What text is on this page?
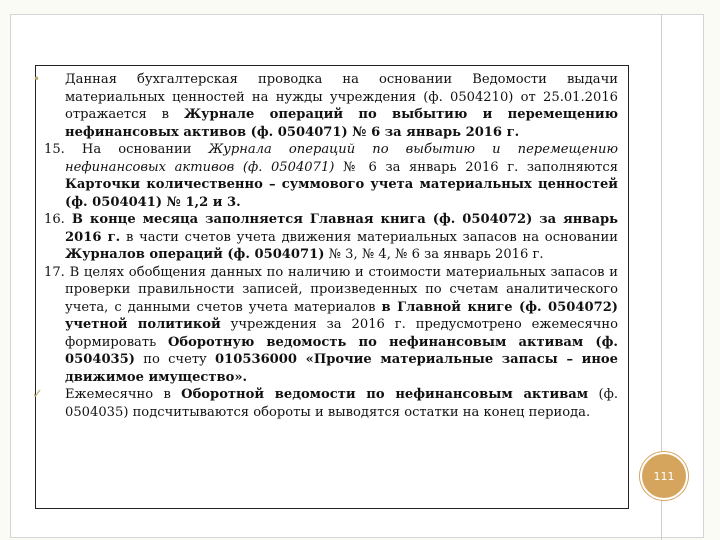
• Данная бухгалтерская проводка на основании Ведомости выдачи материальных ценностей на нужды учреждения (ф. 0504210) от 25.01.2016 отражается в Журнале операций по выбытию и перемещению нефинансовых активов (ф. 0504071) № 6 за январь 2016 г.
15. На основании Журнала операций по выбытию и перемещению нефинансовых активов (ф. 0504071) № 6 за январь 2016 г. заполняются Карточки количественно – суммового учета материальных ценностей (ф. 0504041) № 1,2 и 3.
16. В конце месяца заполняется Главная книга (ф. 0504072) за январь 2016 г. в части счетов учета движения материальных запасов на основании Журналов операций (ф. 0504071) № 3, № 4, № 6 за январь 2016 г.
17. В целях обобщения данных по наличию и стоимости материальных запасов и проверки правильности записей, произведенных по счетам аналитического учета, с данными счетов учета материалов в Главной книге (ф. 0504072) учетной политикой учреждения за 2016 г. предусмотрено ежемесячно формировать Оборотную ведомость по нефинансовым активам (ф. 0504035) по счету 010536000 «Прочие материальные запасы – иное движимое имущество».
✓ Ежемесячно в Оборотной ведомости по нефинансовым активам (ф. 0504035) подсчитываются обороты и выводятся остатки на конец периода.
111
